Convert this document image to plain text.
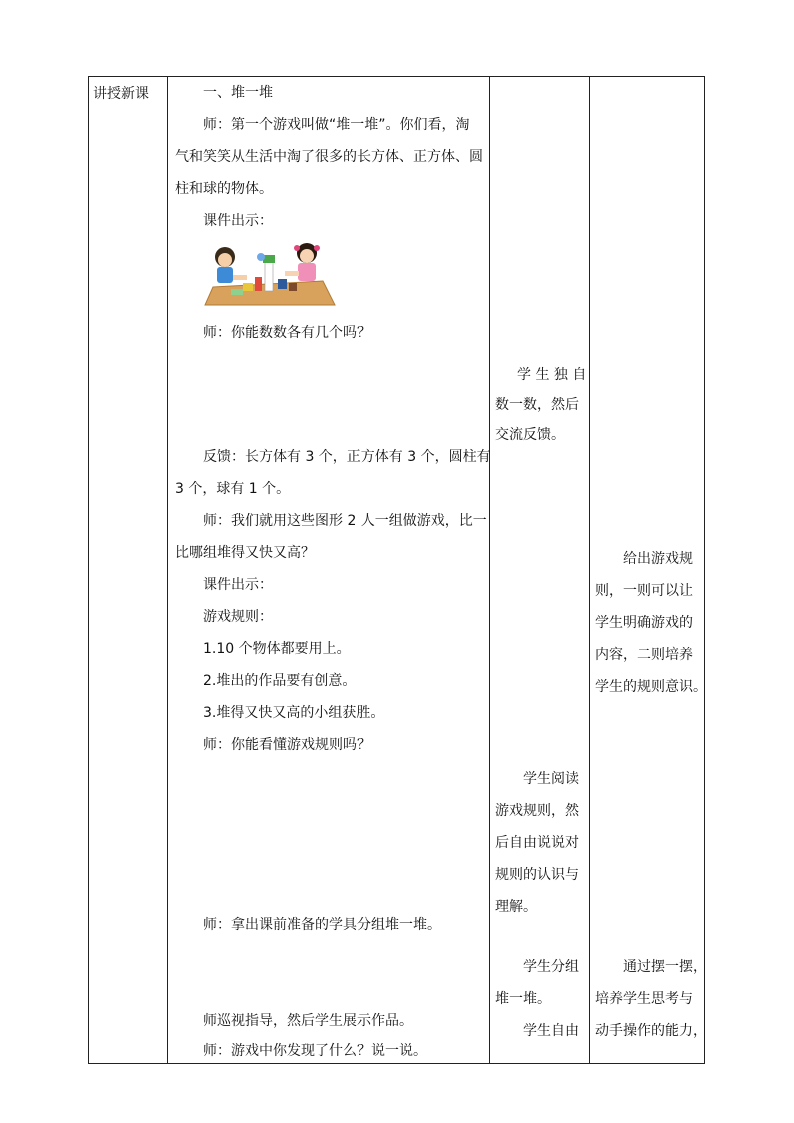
讲授新课	一、堆一堆
师：第一个游戏叫做“堆一堆”。你们看，淘
气和笑笑从生活中淘了很多的长方体、正方体、圆
柱和球的物体。
课件出示：
师：你能数数各有几个吗？
反馈：长方体有 3 个，正方体有 3 个，圆柱有
3 个，球有 1 个。
师：我们就用这些图形 2 人一组做游戏，比一
比哪组堆得又快又高？
课件出示：
游戏规则：
1.10 个物体都要用上。
2.堆出的作品要有创意。
3.堆得又快又高的小组获胜。
师：你能看懂游戏规则吗？
师：拿出课前准备的学具分组堆一堆。
师巡视指导，然后学生展示作品。
师：游戏中你发现了什么？说一说。
学 生 独 自
数一数，然后
交流反馈。
学生阅读
游戏规则，然
后自由说说对
规则的认识与
理解。
学生分组
堆一堆。
学生自由
给出游戏规
则，一则可以让
学生明确游戏的
内容，二则培养
学生的规则意识。
通过摆一摆，
培养学生思考与
动手操作的能力，
